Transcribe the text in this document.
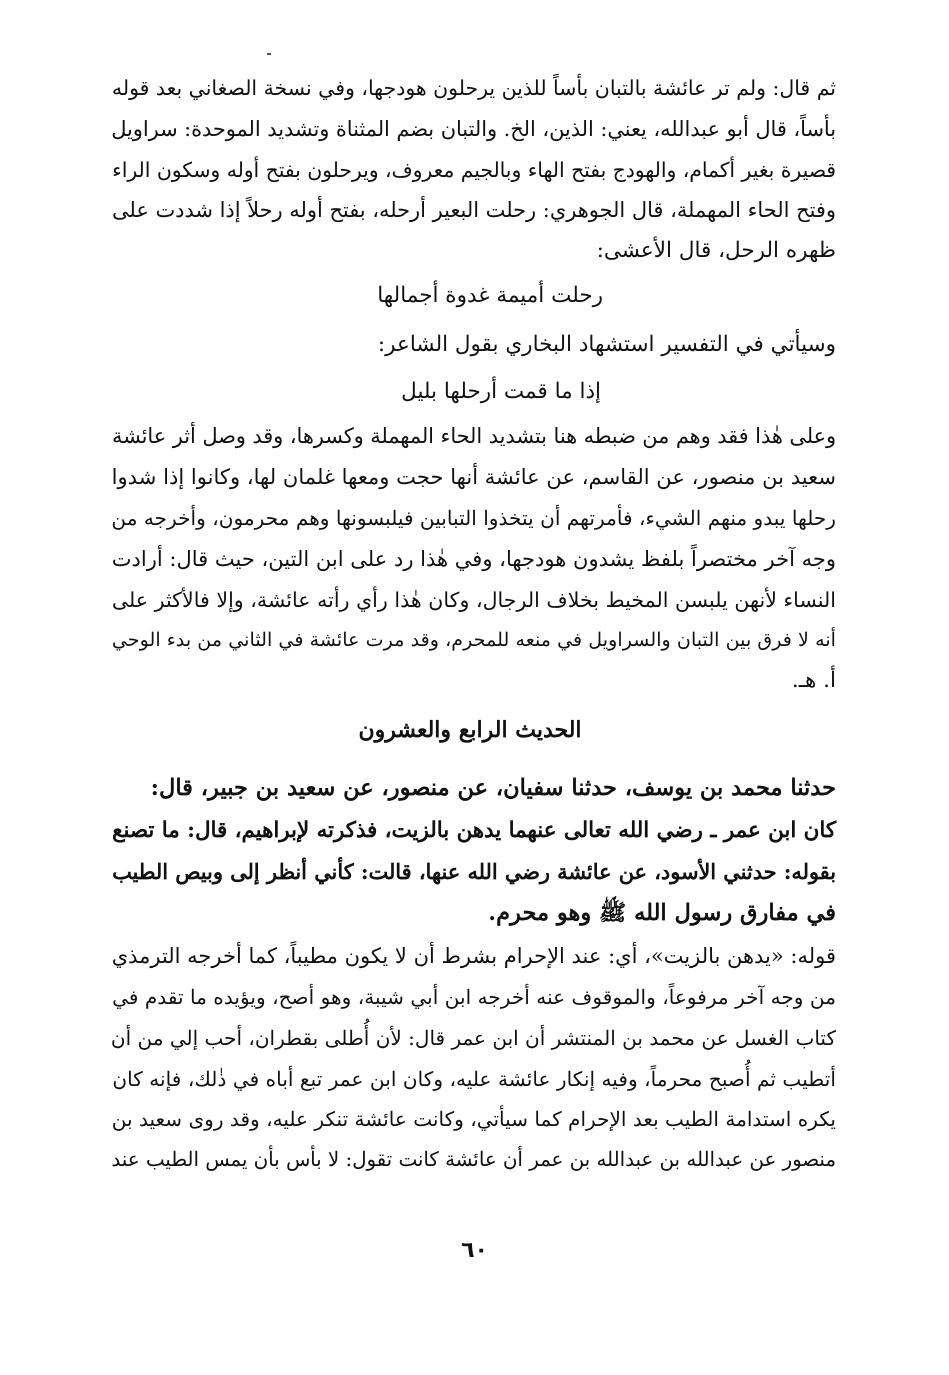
ثم قال: ولم تر عائشة بالتبان بأساً للذين يرحلون هودجها، وفي نسخة الصغاني بعد قوله
بأساً، قال أبو عبدالله، يعني: الذين، الخ. والتبان بضم المثناة وتشديد الموحدة: سراويل
قصيرة بغير أكمام، والهودج بفتح الهاء وبالجيم معروف، ويرحلون بفتح أوله وسكون الراء
وفتح الحاء المهملة، قال الجوهري: رحلت البعير أرحله، بفتح أوله رحلاً إذا شددت على
ظهره الرحل، قال الأعشى:

رحلت أميمة غدوة أجمالها

وسيأتي في التفسير استشهاد البخاري بقول الشاعر:

إذا ما قمت أرحلها بليل

وعلى هٰذا فقد وهم من ضبطه هنا بتشديد الحاء المهملة وكسرها، وقد وصل أثر عائشة
سعيد بن منصور، عن القاسم، عن عائشة أنها حجت ومعها غلمان لها، وكانوا إذا شدوا
رحلها يبدو منهم الشيء، فأمرتهم أن يتخذوا التبابين فيلبسونها وهم محرمون، وأخرجه من
وجه آخر مختصراً بلفظ يشدون هودجها، وفي هٰذا رد على ابن التين، حيث قال: أرادت
النساء لأنهن يلبسن المخيط بخلاف الرجال، وكان هٰذا رأي رأته عائشة، وإلا فالأكثر على
أنه لا فرق بين التبان والسراويل في منعه للمحرم، وقد مرت عائشة في الثاني من بدء الوحي
أ. هـ.

الحديث الرابع والعشرون

حدثنا محمد بن يوسف، حدثنا سفيان، عن منصور، عن سعيد بن جبير، قال:
كان ابن عمر ـ رضي الله تعالى عنهما يدهن بالزيت، فذكرته لإبراهيم، قال: ما تصنع
بقوله: حدثني الأسود، عن عائشة رضي الله عنها، قالت: كأني أنظر إلى وبيص الطيب
في مفارق رسول الله ﷺ وهو محرم.

قوله: «يدهن بالزيت»، أي: عند الإحرام بشرط أن لا يكون مطيباً، كما أخرجه الترمذي
من وجه آخر مرفوعاً، والموقوف عنه أخرجه ابن أبي شيبة، وهو أصح، ويؤيده ما تقدم في
كتاب الغسل عن محمد بن المنتشر أن ابن عمر قال: لأن أُطلى بقطران، أحب إلي من أن
أتطيب ثم أُصبح محرماً، وفيه إنكار عائشة عليه، وكان ابن عمر تبع أباه في ذٰلك، فإنه كان
يكره استدامة الطيب بعد الإحرام كما سيأتي، وكانت عائشة تنكر عليه، وقد روى سعيد بن
منصور عن عبدالله بن عبدالله بن عمر أن عائشة كانت تقول: لا بأس بأن يمس الطيب عند

٦٠
